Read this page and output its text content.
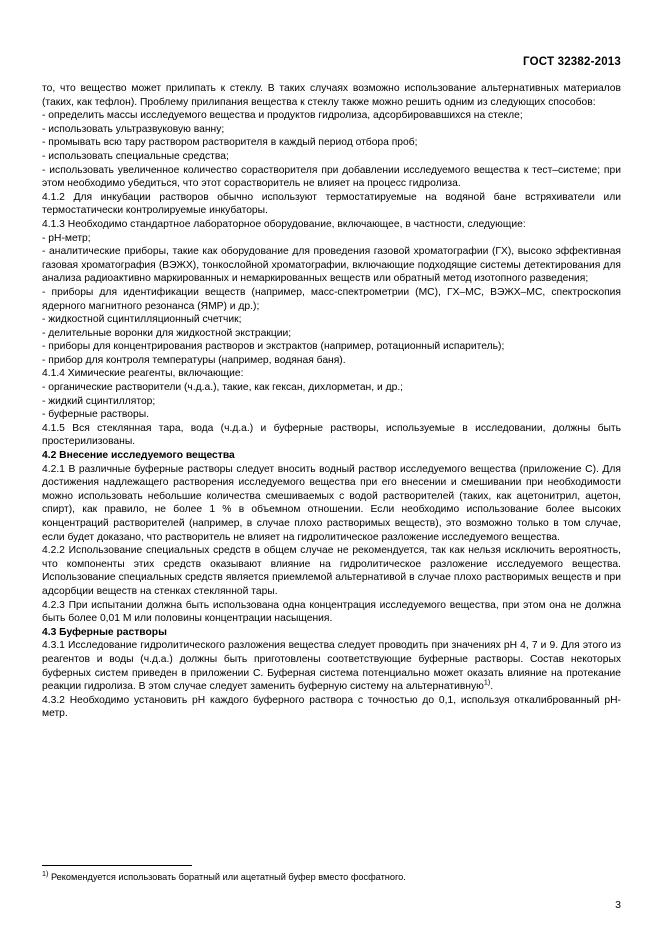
ГОСТ 32382-2013

то, что вещество может прилипать к стеклу. В таких случаях возможно использование альтернативных материалов (таких, как тефлон). Проблему прилипания вещества к стеклу также можно решить одним из следующих способов:

- определить массы исследуемого вещества и продуктов гидролиза, адсорбировавшихся на стекле;

- использовать ультразвуковую ванну;

- промывать всю тару раствором растворителя в каждый период отбора проб;

- использовать специальные средства;

- использовать увеличенное количество сорастворителя при добавлении исследуемого вещества к тест–системе; при этом необходимо убедиться, что этот сорастворитель не влияет на процесс гидролиза.

4.1.2 Для инкубации растворов обычно используют термостатируемые на водяной бане встряхиватели или термостатически контролируемые инкубаторы.

4.1.3 Необходимо стандартное лабораторное оборудование, включающее, в частности, следующие:

- pH-метр;

- аналитические приборы, такие как оборудование для проведения газовой хроматографии (ГХ), высоко эффективная газовая хроматография (ВЭЖХ), тонкослойной хроматографии, включающие подходящие системы детектирования для анализа радиоактивно маркированных и немаркированных веществ или обратный метод изотопного разведения;

- приборы для идентификации веществ (например, масс-спектрометрии (МС), ГХ–МС, ВЭЖХ–МС, спектроскопия ядерного магнитного резонанса (ЯМР) и др.);

- жидкостной сцинтилляционный счетчик;

- делительные воронки для жидкостной экстракции;

- приборы для концентрирования растворов и экстрактов (например, ротационный испаритель);

- прибор для контроля температуры (например, водяная баня).

4.1.4 Химические реагенты, включающие:

- органические растворители (ч.д.а.), такие, как гексан, дихлорметан, и др.;

- жидкий сцинтиллятор;

- буферные растворы.

4.1.5 Вся стеклянная тара, вода (ч.д.а.) и буферные растворы, используемые в исследовании, должны быть простерилизованы.

4.2 Внесение исследуемого вещества

4.2.1 В различные буферные растворы следует вносить водный раствор исследуемого вещества (приложение С). Для достижения надлежащего растворения исследуемого вещества при его внесении и смешивании при необходимости можно использовать небольшие количества смешиваемых с водой растворителей (таких, как ацетонитрил, ацетон, спирт), как правило, не более 1 % в объемном отношении. Если необходимо использование более высоких концентраций растворителей (например, в случае плохо растворимых веществ), это возможно только в том случае, если будет доказано, что растворитель не влияет на гидролитическое разложение исследуемого вещества.

4.2.2 Использование специальных средств в общем случае не рекомендуется, так как нельзя исключить вероятность, что компоненты этих средств оказывают влияние на гидролитическое разложение исследуемого вещества. Использование специальных средств является приемлемой альтернативой в случае плохо растворимых веществ и при адсорбции веществ на стенках стеклянной тары.

4.2.3 При испытании должна быть использована одна концентрация исследуемого вещества, при этом она не должна быть более 0,01 М или половины концентрации насыщения.

4.3 Буферные растворы

4.3.1 Исследование гидролитического разложения вещества следует проводить при значениях pH 4, 7 и 9. Для этого из реагентов и воды (ч.д.а.) должны быть приготовлены соответствующие буферные растворы. Состав некоторых буферных систем приведен в приложении C. Буферная система потенциально может оказать влияние на протекание реакции гидролиза. В этом случае следует заменить буферную систему на альтернативную$^{1)}$.

4.3.2 Необходимо установить pH каждого буферного раствора с точностью до 0,1, используя откалиброванный pH-метр.

$^{1)}$ Рекомендуется использовать боратный или ацетатный буфер вместо фосфатного.
3
